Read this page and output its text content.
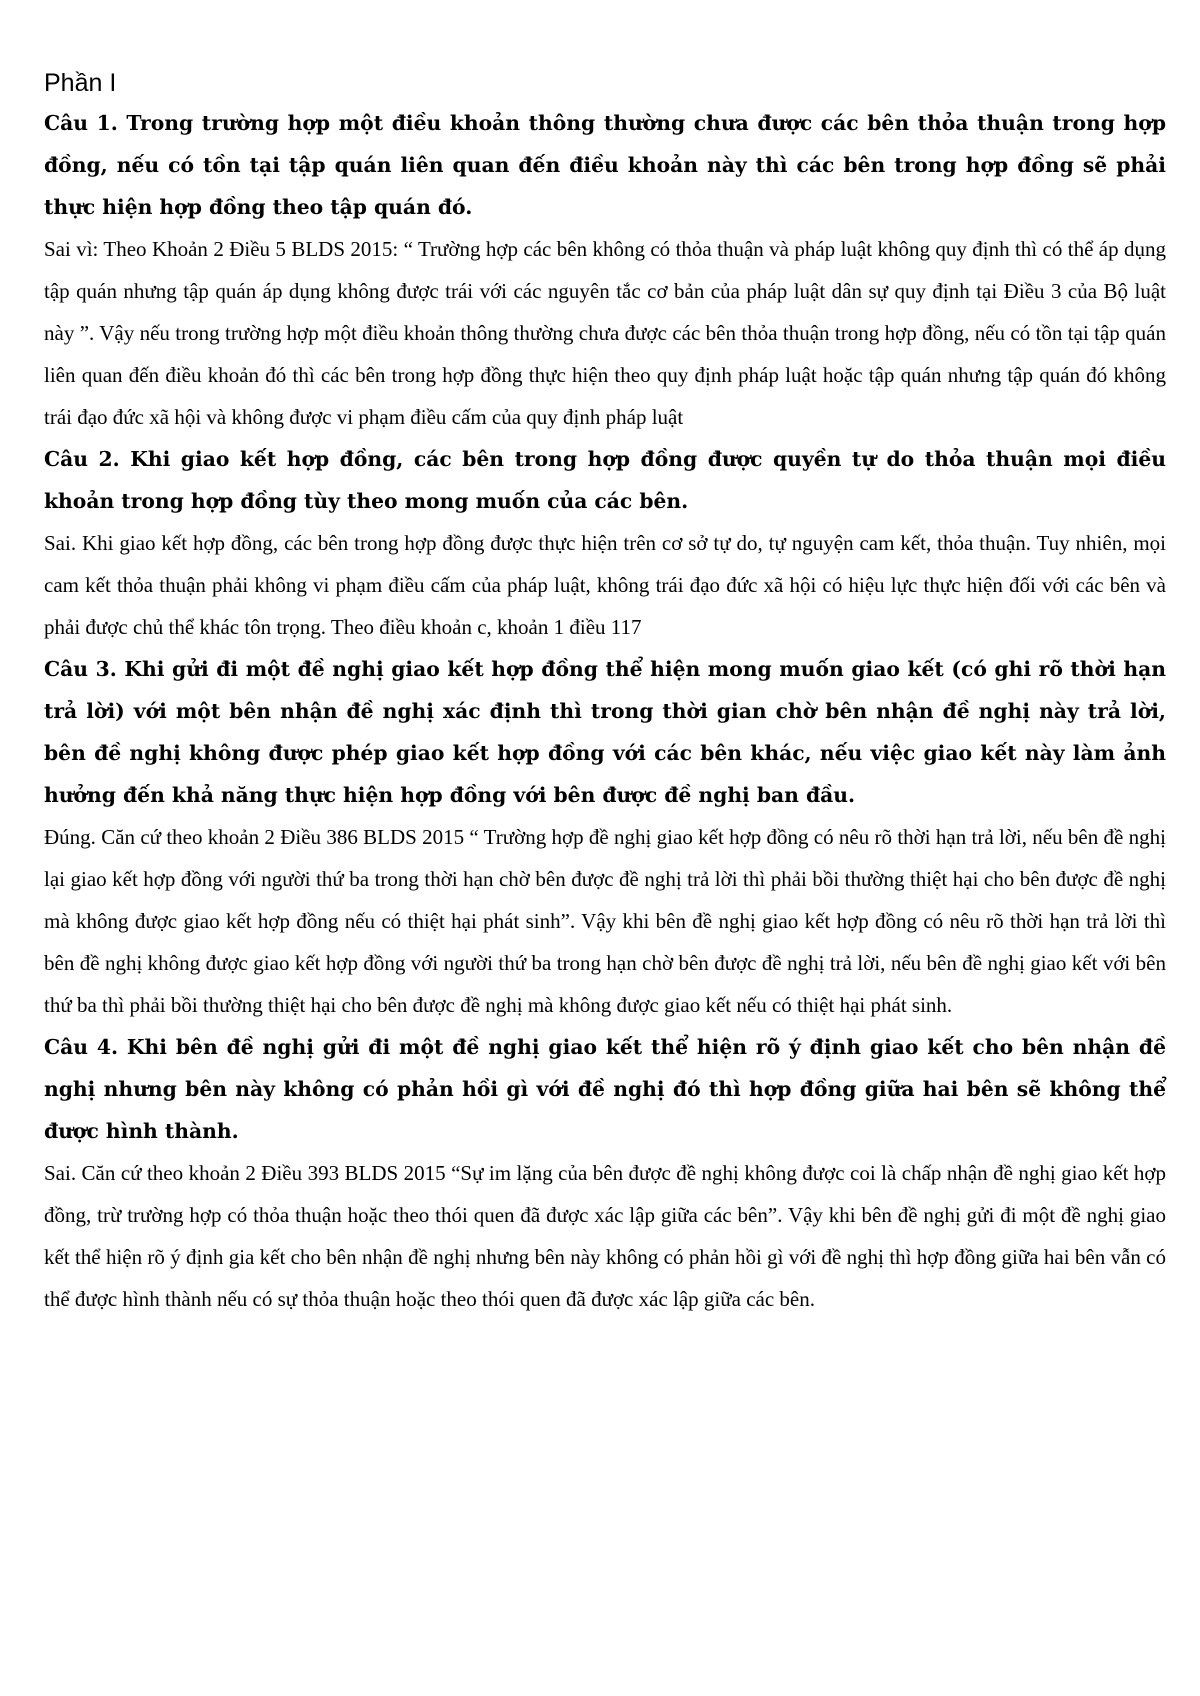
Phần I

Câu 1. Trong trường hợp một điều khoản thông thường chưa được các bên thỏa thuận trong hợp đồng, nếu có tồn tại tập quán liên quan đến điều khoản này thì các bên trong hợp đồng sẽ phải thực hiện hợp đồng theo tập quán đó.

Sai vì: Theo Khoản 2 Điều 5 BLDS 2015: “ Trường hợp các bên không có thỏa thuận và pháp luật không quy định thì có thể áp dụng tập quán nhưng tập quán áp dụng không được trái với các nguyên tắc cơ bản của pháp luật dân sự quy định tại Điều 3 của Bộ luật này ”. Vậy nếu trong trường hợp một điều khoản thông thường chưa được các bên thỏa thuận trong hợp đồng, nếu có tồn tại tập quán liên quan đến điều khoản đó thì các bên trong hợp đồng thực hiện theo quy định pháp luật hoặc tập quán nhưng tập quán đó không trái đạo đức xã hội và không được vi phạm điều cấm của quy định pháp luật

Câu 2. Khi giao kết hợp đồng, các bên trong hợp đồng được quyền tự do thỏa thuận mọi điều khoản trong hợp đồng tùy theo mong muốn của các bên.

Sai. Khi giao kết hợp đồng, các bên trong hợp đồng được thực hiện trên cơ sở tự do, tự nguyện cam kết, thỏa thuận. Tuy nhiên, mọi cam kết thỏa thuận phải không vi phạm điều cấm của pháp luật, không trái đạo đức xã hội có hiệu lực thực hiện đối với các bên và phải được chủ thể khác tôn trọng. Theo điều khoản c, khoản 1 điều 117

Câu 3. Khi gửi đi một đề nghị giao kết hợp đồng thể hiện mong muốn giao kết (có ghi rõ thời hạn trả lời) với một bên nhận đề nghị xác định thì trong thời gian chờ bên nhận đề nghị này trả lời, bên đề nghị không được phép giao kết hợp đồng với các bên khác, nếu việc giao kết này làm ảnh hưởng đến khả năng thực hiện hợp đồng với bên được đề nghị ban đầu.

Đúng. Căn cứ theo khoản 2 Điều 386 BLDS 2015 “ Trường hợp đề nghị giao kết hợp đồng có nêu rõ thời hạn trả lời, nếu bên đề nghị lại giao kết hợp đồng với người thứ ba trong thời hạn chờ bên được đề nghị trả lời thì phải bồi thường thiệt hại cho bên được đề nghị mà không được giao kết hợp đồng nếu có thiệt hại phát sinh”. Vậy khi bên đề nghị giao kết hợp đồng có nêu rõ thời hạn trả lời thì bên đề nghị không được giao kết hợp đồng với người thứ ba trong hạn chờ bên được đề nghị trả lời, nếu bên đề nghị giao kết với bên thứ ba thì phải bồi thường thiệt hại cho bên được đề nghị mà không được giao kết nếu có thiệt hại phát sinh.

Câu 4. Khi bên đề nghị gửi đi một đề nghị giao kết thể hiện rõ ý định giao kết cho bên nhận đề nghị nhưng bên này không có phản hồi gì với đề nghị đó thì hợp đồng giữa hai bên sẽ không thể được hình thành.

Sai. Căn cứ theo khoản 2 Điều 393 BLDS 2015 “Sự im lặng của bên được đề nghị không được coi là chấp nhận đề nghị giao kết hợp đồng, trừ trường hợp có thỏa thuận hoặc theo thói quen đã được xác lập giữa các bên”. Vậy khi bên đề nghị gửi đi một đề nghị giao kết thể hiện rõ ý định gia kết cho bên nhận đề nghị nhưng bên này không có phản hồi gì với đề nghị thì hợp đồng giữa hai bên vẫn có thể được hình thành nếu có sự thỏa thuận hoặc theo thói quen đã được xác lập giữa các bên.
